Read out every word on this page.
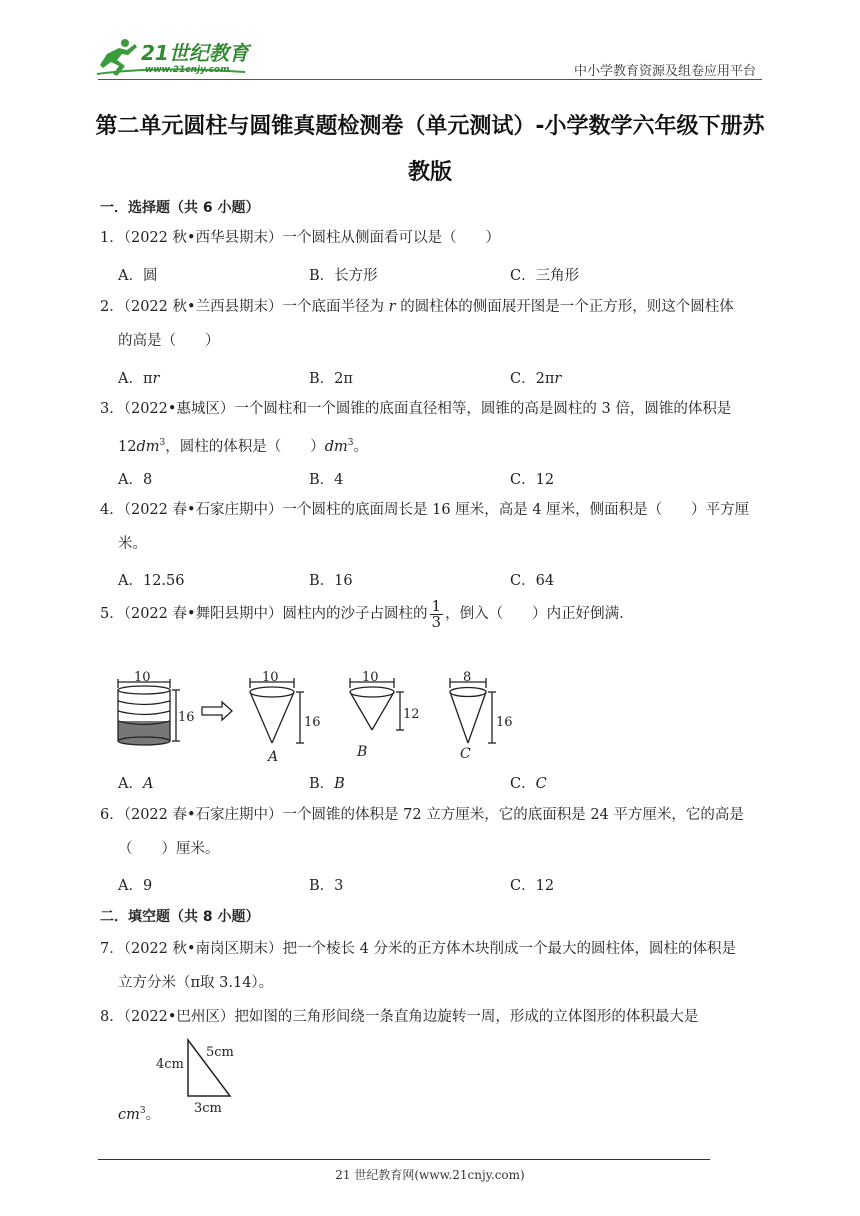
21世纪教育
www.21cnjy.com	中小学教育资源及组卷应用平台
第二单元圆柱与圆锥真题检测卷（单元测试）-小学数学六年级下册苏
教版
一．选择题（共 6 小题）
1．（2022 秋•西华县期末）一个圆柱从侧面看可以是（　　）
A．圆	B．长方形	C．三角形
2．（2022 秋•兰西县期末）一个底面半径为 r 的圆柱体的侧面展开图是一个正方形，则这个圆柱体
的高是（　　）
A．πr	B．2π	C．2πr
3．（2022•惠城区）一个圆柱和一个圆锥的底面直径相等，圆锥的高是圆柱的 3 倍，圆锥的体积是
$12dm^3$，圆柱的体积是（　　）$dm^3$。
A．8	B．4	C．12
4．（2022 春•石家庄期中）一个圆柱的底面周长是 16 厘米，高是 4 厘米，侧面积是（　　）平方厘
米。
A．12.56	B．16	C．64
5．（2022 春•舞阳县期中）圆柱内的沙子占圆柱的 $\frac{1}{3}$ ，倒入（　　）内正好倒满．
10
16
10
16
A
10
12
B
8
16
C
A．A	B．B	C．C
6．（2022 春•石家庄期中）一个圆锥的体积是 72 立方厘米，它的底面积是 24 平方厘米，它的高是
（　　）厘米。
A．9	B．3	C．12
二．填空题（共 8 小题）
7．（2022 秋•南岗区期末）把一个棱长 4 分米的正方体木块削成一个最大的圆柱体，圆柱的体积是
立方分米（π取 3.14）。
8．（2022•巴州区）把如图的三角形间绕一条直角边旋转一周，形成的立体图形的体积最大是
4cm
5cm
3cm
$cm^3$。
21 世纪教育网(www.21cnjy.com)
